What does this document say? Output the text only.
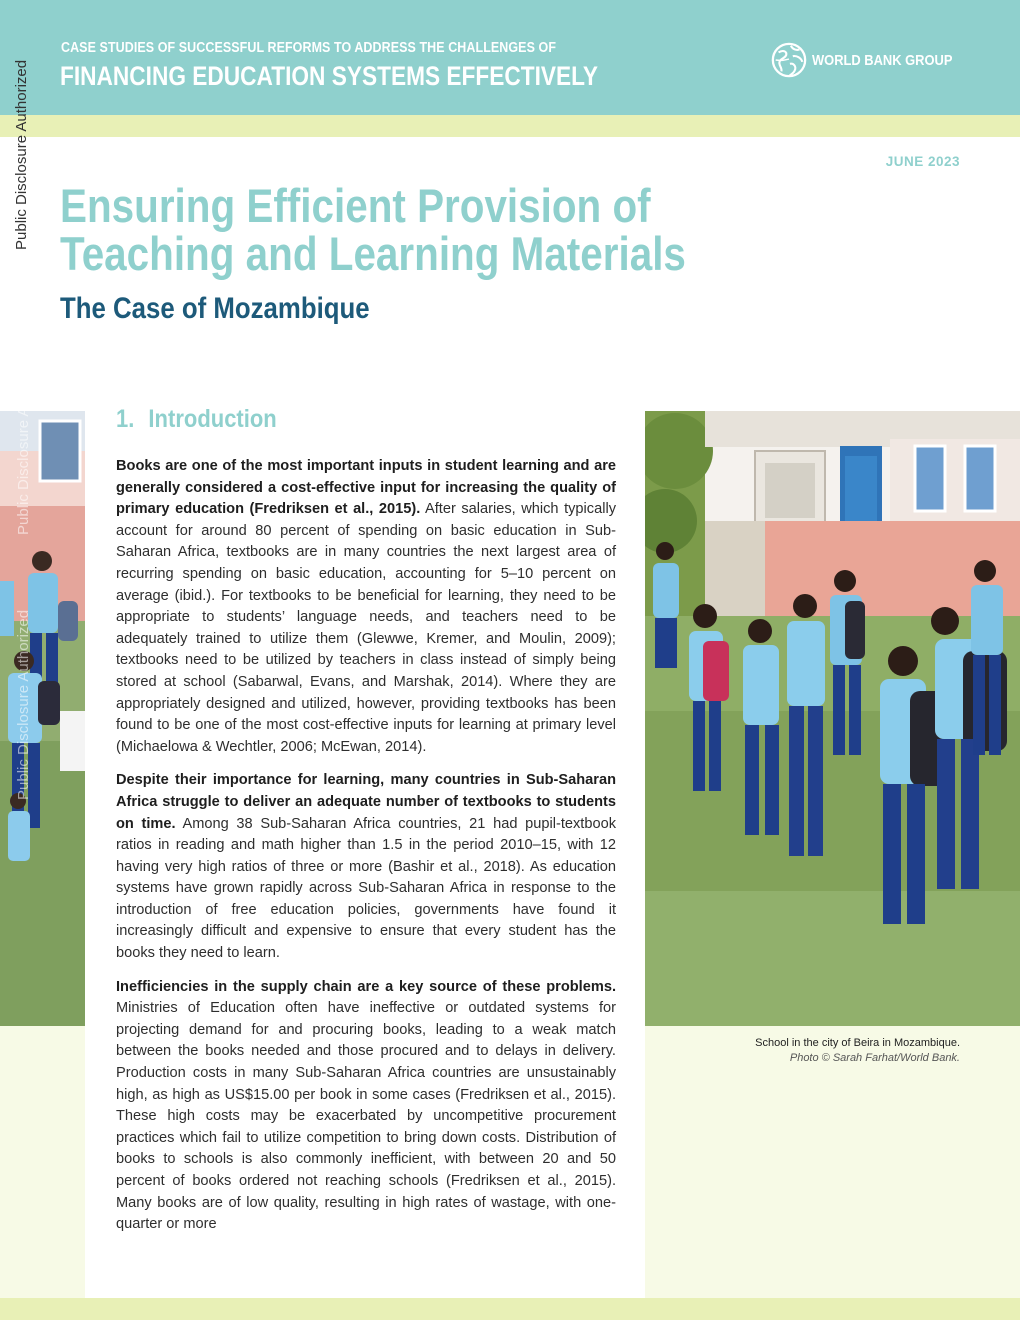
CASE STUDIES OF SUCCESSFUL REFORMS TO ADDRESS THE CHALLENGES OF
FINANCING EDUCATION SYSTEMS EFFECTIVELY
WORLD BANK GROUP
Public Disclosure Authorized	JUNE 2023
Ensuring Efficient Provision of Teaching and Learning Materials
The Case of Mozambique
Public Disclosure Authorized
Public Disclosure Authorized
School in the city of Beira in Mozambique.
Photo © Sarah Farhat/World Bank.
1. Introduction

Books are one of the most important inputs in student learning and are generally considered a cost-effective input for increasing the quality of primary education (Fredriksen et al., 2015). After salaries, which typically account for around 80 percent of spending on basic education in Sub-Saharan Africa, textbooks are in many countries the next largest area of recurring spending on basic education, accounting for 5–10 percent on average (ibid.). For textbooks to be beneficial for learning, they need to be appropriate to students’ language needs, and teachers need to be adequately trained to utilize them (Glewwe, Kremer, and Moulin, 2009); textbooks need to be utilized by teachers in class instead of simply being stored at school (Sabarwal, Evans, and Marshak, 2014). Where they are appropriately designed and utilized, however, providing textbooks has been found to be one of the most cost-effective inputs for learning at primary level (Michaelowa & Wechtler, 2006; McEwan, 2014).

Despite their importance for learning, many countries in Sub-Saharan Africa struggle to deliver an adequate number of textbooks to students on time. Among 38 Sub-Saharan Africa countries, 21 had pupil-textbook ratios in reading and math higher than 1.5 in the period 2010–15, with 12 having very high ratios of three or more (Bashir et al., 2018). As education systems have grown rapidly across Sub-Saharan Africa in response to the introduction of free education policies, governments have found it increasingly difficult and expensive to ensure that every student has the books they need to learn.

Inefficiencies in the supply chain are a key source of these problems. Ministries of Education often have ineffective or outdated systems for projecting demand for and procuring books, leading to a weak match between the books needed and those procured and to delays in delivery. Production costs in many Sub-Saharan Africa countries are unsustainably high, as high as US$15.00 per book in some cases (Fredriksen et al., 2015). These high costs may be exacerbated by uncompetitive procurement practices which fail to utilize competition to bring down costs. Distribution of books to schools is also commonly inefficient, with between 20 and 50 percent of books ordered not reaching schools (Fredriksen et al., 2015). Many books are of low quality, resulting in high rates of wastage, with one-quarter or more
